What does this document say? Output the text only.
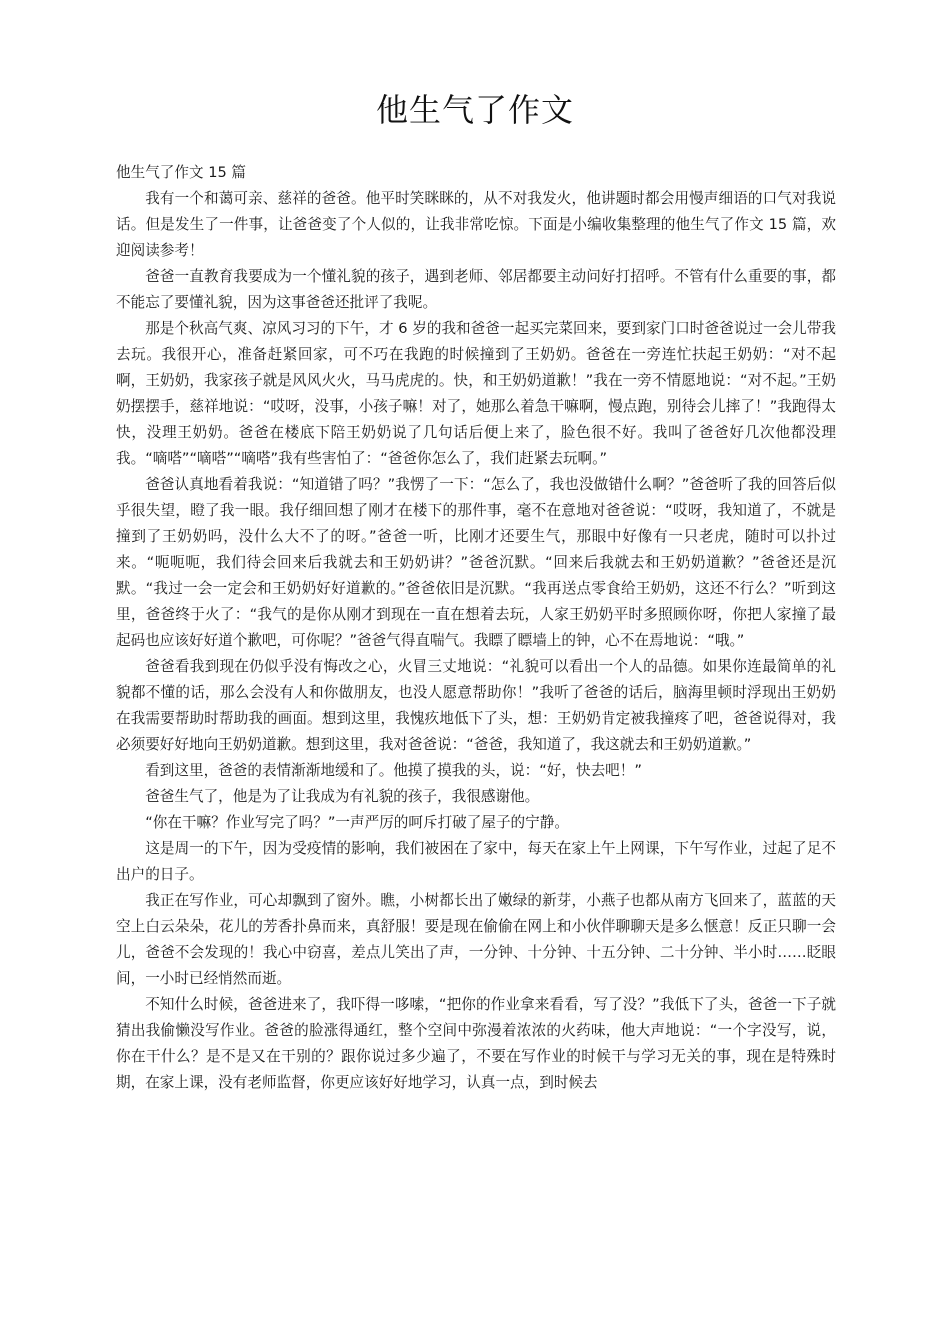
他生气了作文

他生气了作文 15 篇

我有一个和蔼可亲、慈祥的爸爸。他平时笑眯眯的，从不对我发火，他讲题时都会用慢声细语的口气对我说话。但是发生了一件事，让爸爸变了个人似的，让我非常吃惊。下面是小编收集整理的他生气了作文 15 篇，欢迎阅读参考！

爸爸一直教育我要成为一个懂礼貌的孩子，遇到老师、邻居都要主动问好打招呼。不管有什么重要的事，都不能忘了要懂礼貌，因为这事爸爸还批评了我呢。

那是个秋高气爽、凉风习习的下午，才 6 岁的我和爸爸一起买完菜回来，要到家门口时爸爸说过一会儿带我去玩。我很开心，准备赶紧回家，可不巧在我跑的时候撞到了王奶奶。爸爸在一旁连忙扶起王奶奶：“对不起啊，王奶奶，我家孩子就是风风火火，马马虎虎的。快，和王奶奶道歉！”我在一旁不情愿地说：“对不起。”王奶奶摆摆手，慈祥地说：“哎呀，没事，小孩子嘛！对了，她那么着急干嘛啊，慢点跑，别待会儿摔了！”我跑得太快，没理王奶奶。爸爸在楼底下陪王奶奶说了几句话后便上来了，脸色很不好。我叫了爸爸好几次他都没理我。“嘀嗒”“嘀嗒”“嘀嗒”我有些害怕了：“爸爸你怎么了，我们赶紧去玩啊。”

爸爸认真地看着我说：“知道错了吗？”我愣了一下：“怎么了，我也没做错什么啊？”爸爸听了我的回答后似乎很失望，瞪了我一眼。我仔细回想了刚才在楼下的那件事，毫不在意地对爸爸说：“哎呀，我知道了，不就是撞到了王奶奶吗，没什么大不了的呀。”爸爸一听，比刚才还要生气，那眼中好像有一只老虎，随时可以扑过来。“呃呃呃，我们待会回来后我就去和王奶奶讲？”爸爸沉默。“回来后我就去和王奶奶道歉？”爸爸还是沉默。“我过一会一定会和王奶奶好好道歉的。”爸爸依旧是沉默。“我再送点零食给王奶奶，这还不行么？”听到这里，爸爸终于火了：“我气的是你从刚才到现在一直在想着去玩，人家王奶奶平时多照顾你呀，你把人家撞了最起码也应该好好道个歉吧，可你呢？”爸爸气得直喘气。我瞟了瞟墙上的钟，心不在焉地说：“哦。”

爸爸看我到现在仍似乎没有悔改之心，火冒三丈地说：“礼貌可以看出一个人的品德。如果你连最简单的礼貌都不懂的话，那么会没有人和你做朋友，也没人愿意帮助你！”我听了爸爸的话后，脑海里顿时浮现出王奶奶在我需要帮助时帮助我的画面。想到这里，我愧疚地低下了头，想：王奶奶肯定被我撞疼了吧，爸爸说得对，我必须要好好地向王奶奶道歉。想到这里，我对爸爸说：“爸爸，我知道了，我这就去和王奶奶道歉。”

看到这里，爸爸的表情渐渐地缓和了。他摸了摸我的头，说：“好，快去吧！”

爸爸生气了，他是为了让我成为有礼貌的孩子，我很感谢他。

“你在干嘛？作业写完了吗？”一声严厉的呵斥打破了屋子的宁静。

这是周一的下午，因为受疫情的影响，我们被困在了家中，每天在家上午上网课，下午写作业，过起了足不出户的日子。

我正在写作业，可心却飘到了窗外。瞧，小树都长出了嫩绿的新芽，小燕子也都从南方飞回来了，蓝蓝的天空上白云朵朵，花儿的芳香扑鼻而来，真舒服！要是现在偷偷在网上和小伙伴聊聊天是多么惬意！反正只聊一会儿，爸爸不会发现的！我心中窃喜，差点儿笑出了声，一分钟、十分钟、十五分钟、二十分钟、半小时……眨眼间，一小时已经悄然而逝。

不知什么时候，爸爸进来了，我吓得一哆嗦，“把你的作业拿来看看，写了没？”我低下了头，爸爸一下子就猜出我偷懒没写作业。爸爸的脸涨得通红，整个空间中弥漫着浓浓的火药味，他大声地说：“一个字没写，说，你在干什么？是不是又在干别的？跟你说过多少遍了，不要在写作业的时候干与学习无关的事，现在是特殊时期，在家上课，没有老师监督，你更应该好好地学习，认真一点，到时候去
